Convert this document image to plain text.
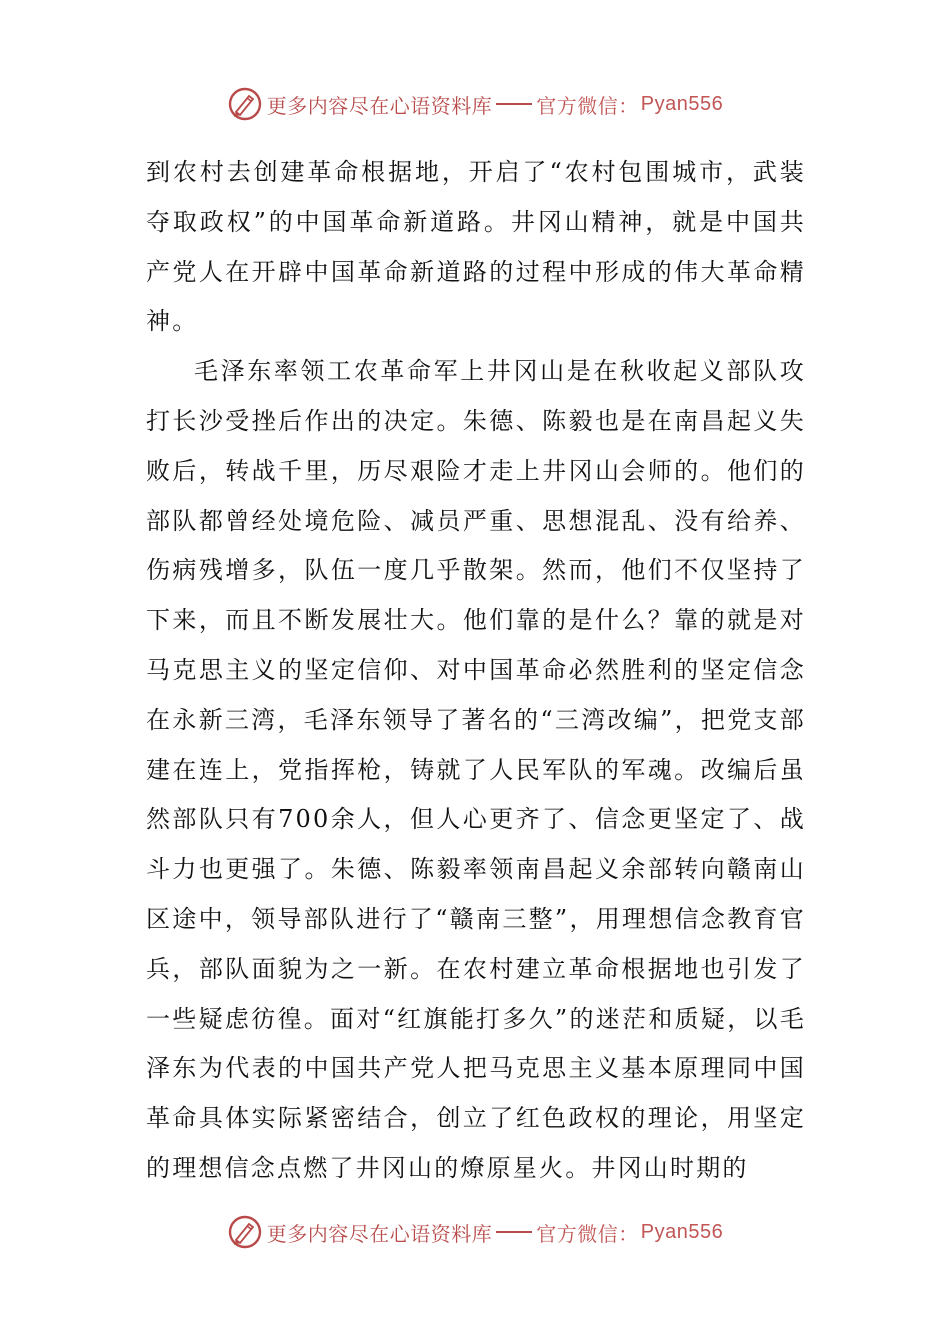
更多内容尽在心语资料库 官方微信： Pyan556

到农村去创建革命根据地，开启了“农村包围城市，武装夺取政权”的中国革命新道路。井冈山精神，就是中国共产党人在开辟中国革命新道路的过程中形成的伟大革命精神。

毛泽东率领工农革命军上井冈山是在秋收起义部队攻打长沙受挫后作出的决定。朱德、陈毅也是在南昌起义失败后，转战千里，历尽艰险才走上井冈山会师的。他们的部队都曾经处境危险、减员严重、思想混乱、没有给养、伤病残增多，队伍一度几乎散架。然而，他们不仅坚持了下来，而且不断发展壮大。他们靠的是什么？靠的就是对马克思主义的坚定信仰、对中国革命必然胜利的坚定信念在永新三湾，毛泽东领导了著名的“三湾改编”，把党支部建在连上，党指挥枪，铸就了人民军队的军魂。改编后虽然部队只有700余人，但人心更齐了、信念更坚定了、战斗力也更强了。朱德、陈毅率领南昌起义余部转向赣南山区途中，领导部队进行了“赣南三整”，用理想信念教育官兵，部队面貌为之一新。在农村建立革命根据地也引发了一些疑虑彷徨。面对“红旗能打多久”的迷茫和质疑，以毛泽东为代表的中国共产党人把马克思主义基本原理同中国革命具体实际紧密结合，创立了红色政权的理论，用坚定的理想信念点燃了井冈山的燎原星火。井冈山时期的

更多内容尽在心语资料库 官方微信： Pyan556
